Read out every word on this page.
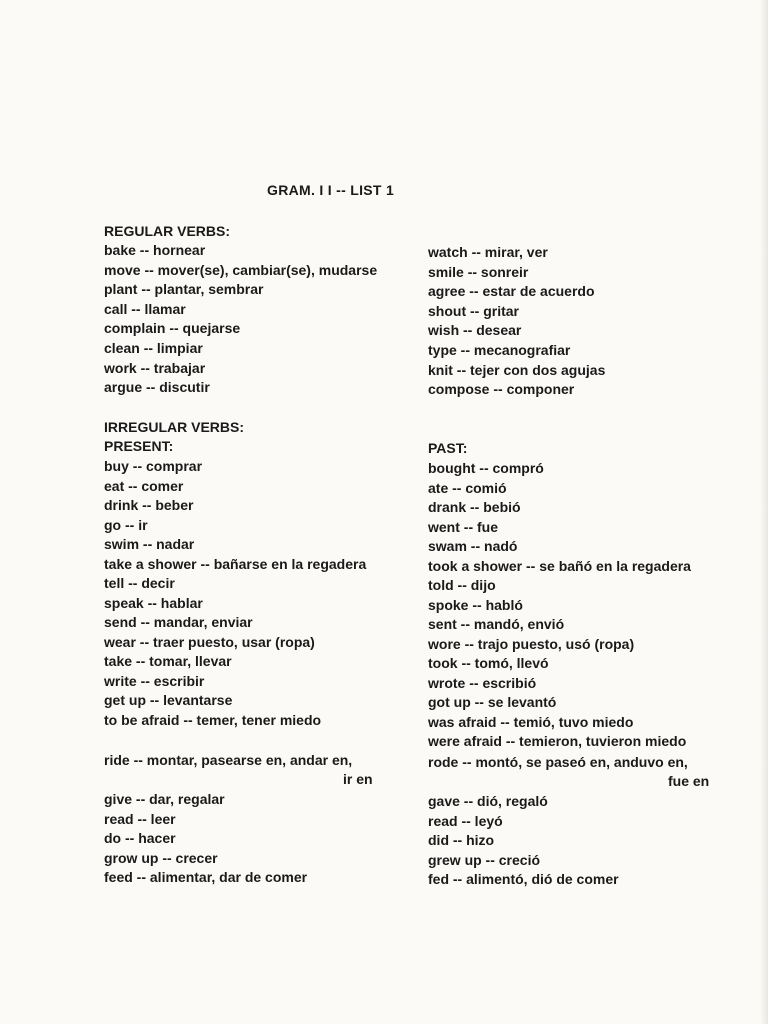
GRAM. I I -- LIST 1
REGULAR VERBS:
bake -- hornear
move -- mover(se), cambiar(se), mudarse
plant -- plantar, sembrar
call -- llamar
complain -- quejarse
clean -- limpiar
work -- trabajar
argue -- discutir
watch -- mirar, ver
smile -- sonreir
agree -- estar de acuerdo
shout -- gritar
wish -- desear
type -- mecanografiar
knit -- tejer con dos agujas
compose -- componer
IRREGULAR VERBS:
PRESENT:	PAST:
buy -- comprar
eat -- comer
drink -- beber
go -- ir
swim -- nadar
take a shower -- bañarse en la regadera
tell -- decir
speak -- hablar
send -- mandar, enviar
wear -- traer puesto, usar (ropa)
take -- tomar, llevar
write -- escribir
get up -- levantarse
to be afraid -- temer, tener miedo
bought -- compró
ate -- comió
drank -- bebió
went -- fue
swam -- nadó
took a shower -- se bañó en la regadera
told -- dijo
spoke -- habló
sent -- mandó, envió
wore -- trajo puesto, usó (ropa)
took -- tomó, llevó
wrote -- escribió
got up -- se levantó
was afraid -- temió, tuvo miedo
were afraid -- temieron, tuvieron miedo
ride -- montar, pasearse en, andar en,
ir en
rode -- montó, se paseó en, anduvo en,
fue en
give -- dar, regalar
read -- leer
do -- hacer
grow up -- crecer
feed -- alimentar, dar de comer
gave -- dió, regaló
read -- leyó
did -- hizo
grew up -- creció
fed -- alimentó, dió de comer
